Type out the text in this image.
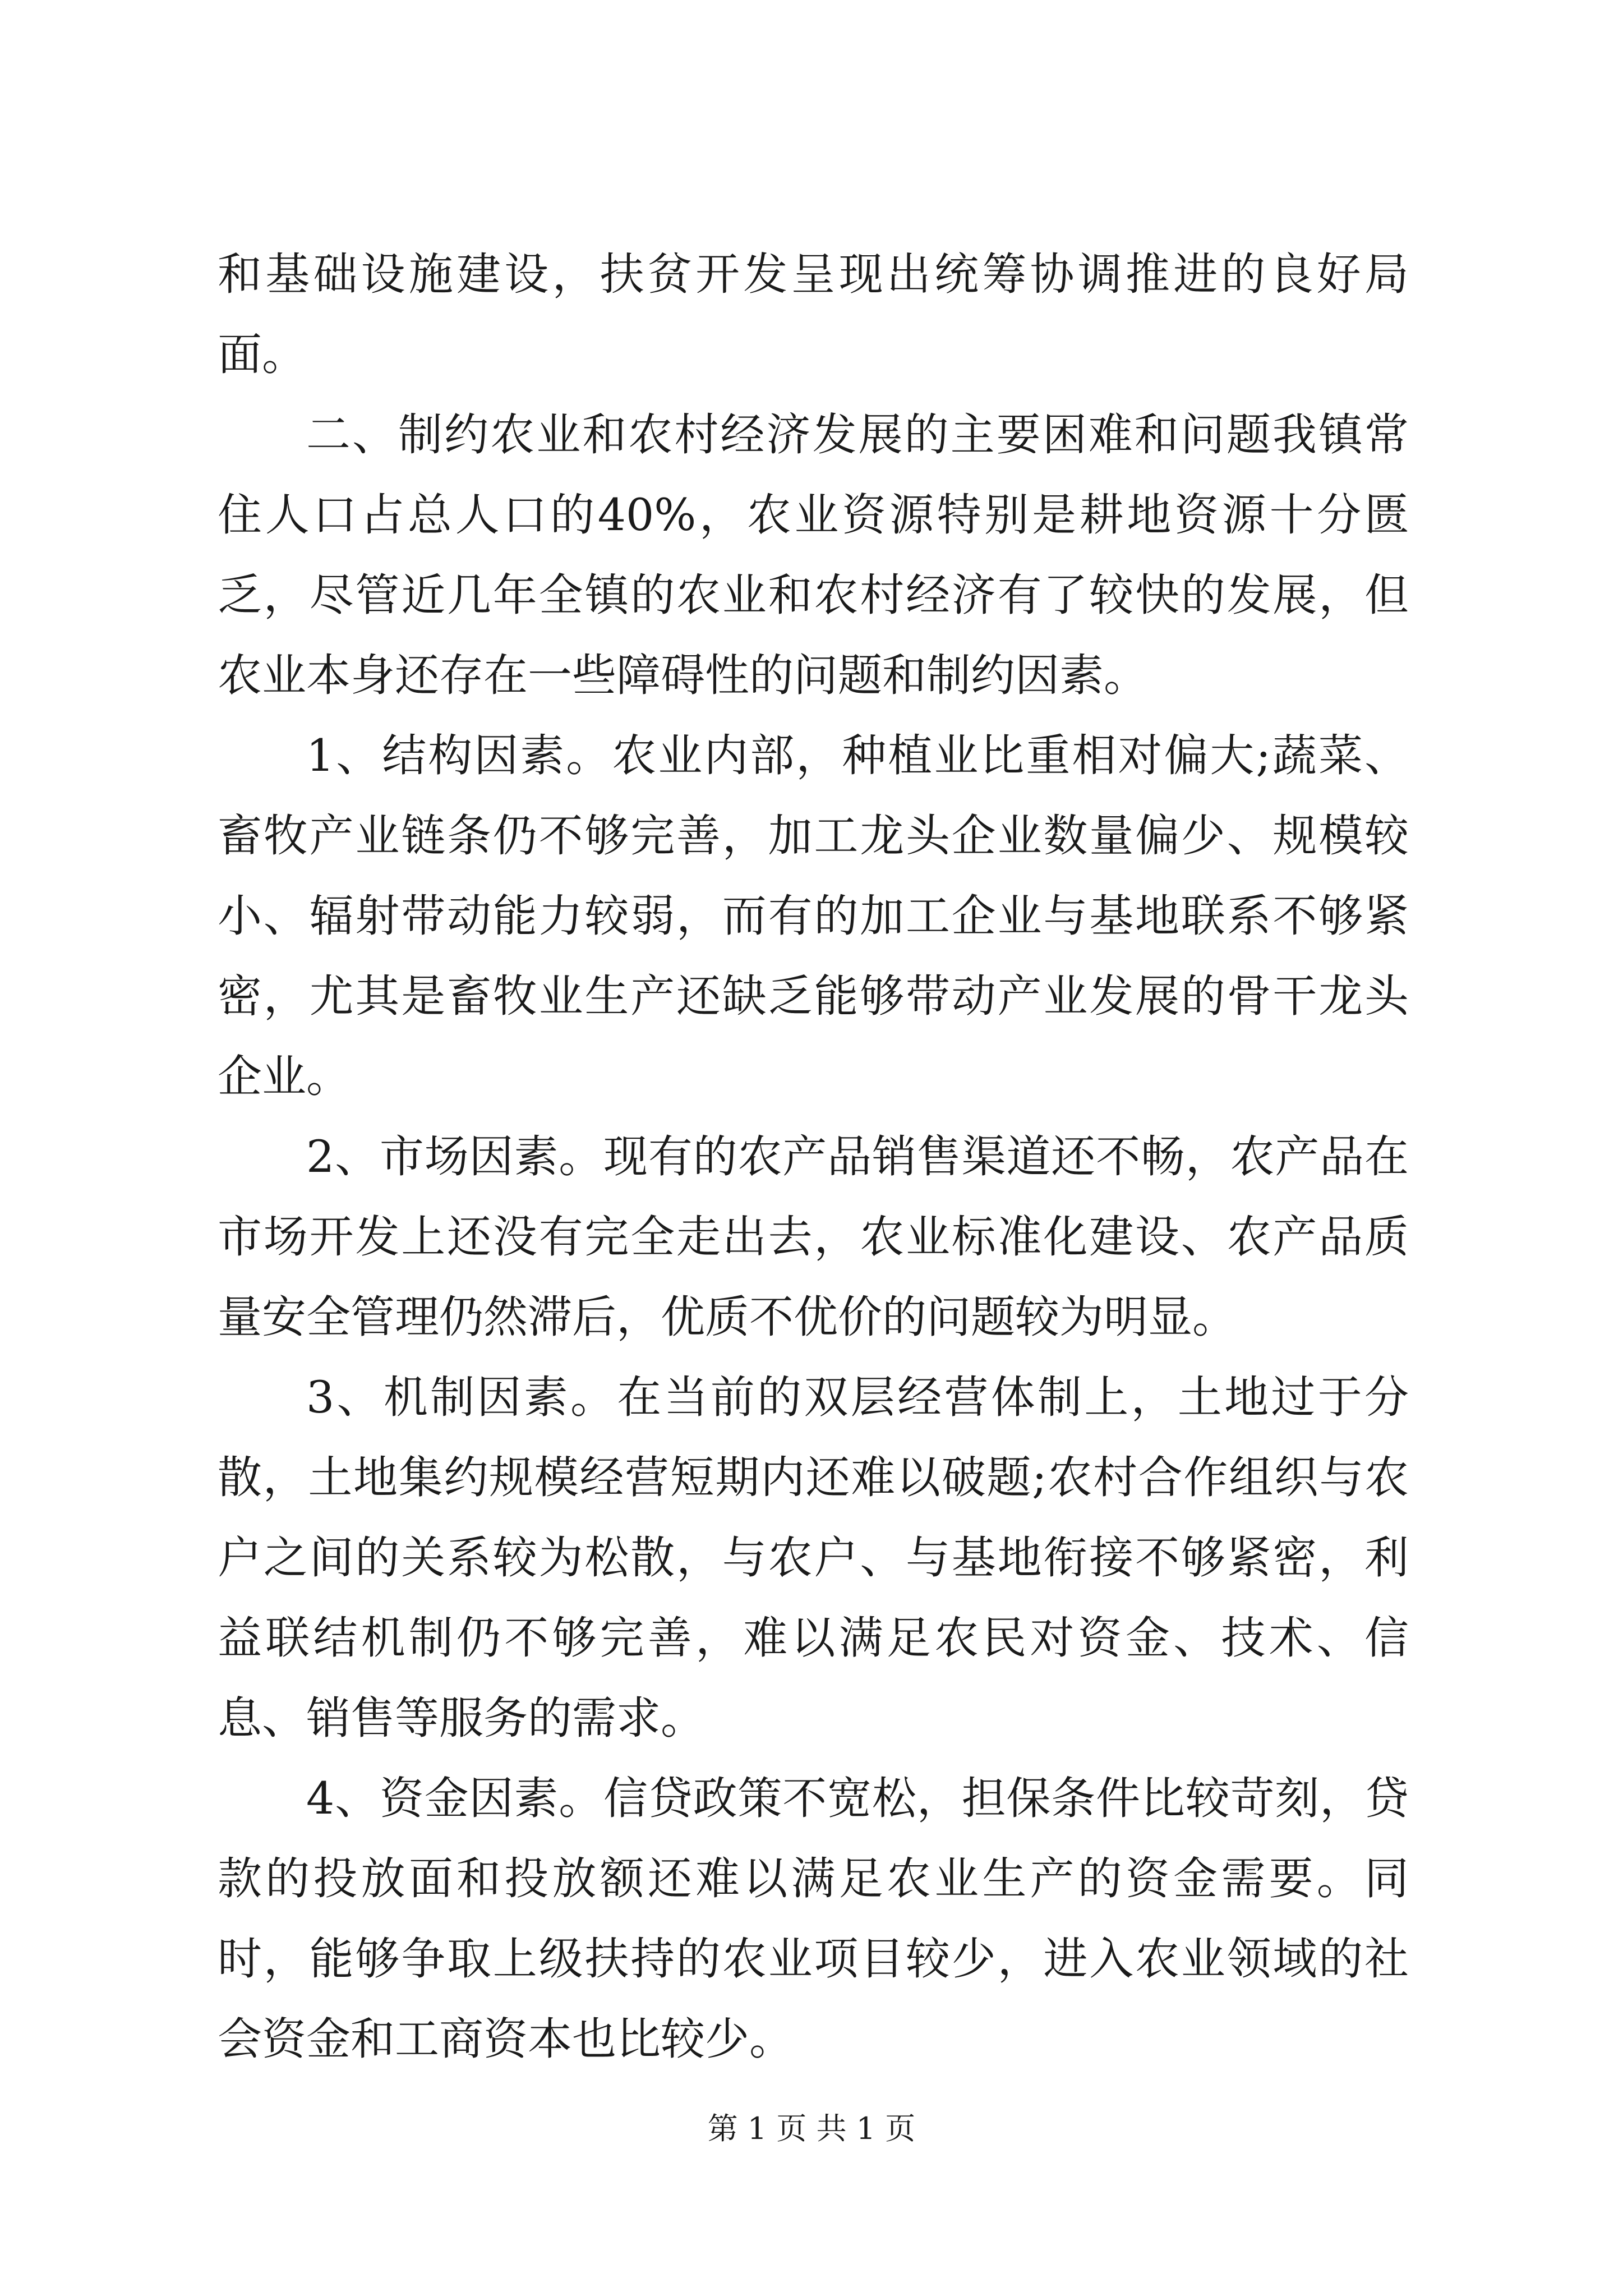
和基础设施建设，扶贫开发呈现出统筹协调推进的良好局面。

二、制约农业和农村经济发展的主要困难和问题我镇常住人口占总人口的40%，农业资源特别是耕地资源十分匮乏，尽管近几年全镇的农业和农村经济有了较快的发展，但农业本身还存在一些障碍性的问题和制约因素。

1、结构因素。农业内部，种植业比重相对偏大;蔬菜、畜牧产业链条仍不够完善，加工龙头企业数量偏少、规模较小、辐射带动能力较弱，而有的加工企业与基地联系不够紧密，尤其是畜牧业生产还缺乏能够带动产业发展的骨干龙头企业。

2、市场因素。现有的农产品销售渠道还不畅，农产品在市场开发上还没有完全走出去，农业标准化建设、农产品质量安全管理仍然滞后，优质不优价的问题较为明显。

3、机制因素。在当前的双层经营体制上，土地过于分散，土地集约规模经营短期内还难以破题;农村合作组织与农户之间的关系较为松散，与农户、与基地衔接不够紧密，利益联结机制仍不够完善，难以满足农民对资金、技术、信息、销售等服务的需求。

4、资金因素。信贷政策不宽松，担保条件比较苛刻，贷款的投放面和投放额还难以满足农业生产的资金需要。同时，能够争取上级扶持的农业项目较少，进入农业领域的社会资金和工商资本也比较少。

第 1 页 共 1 页
